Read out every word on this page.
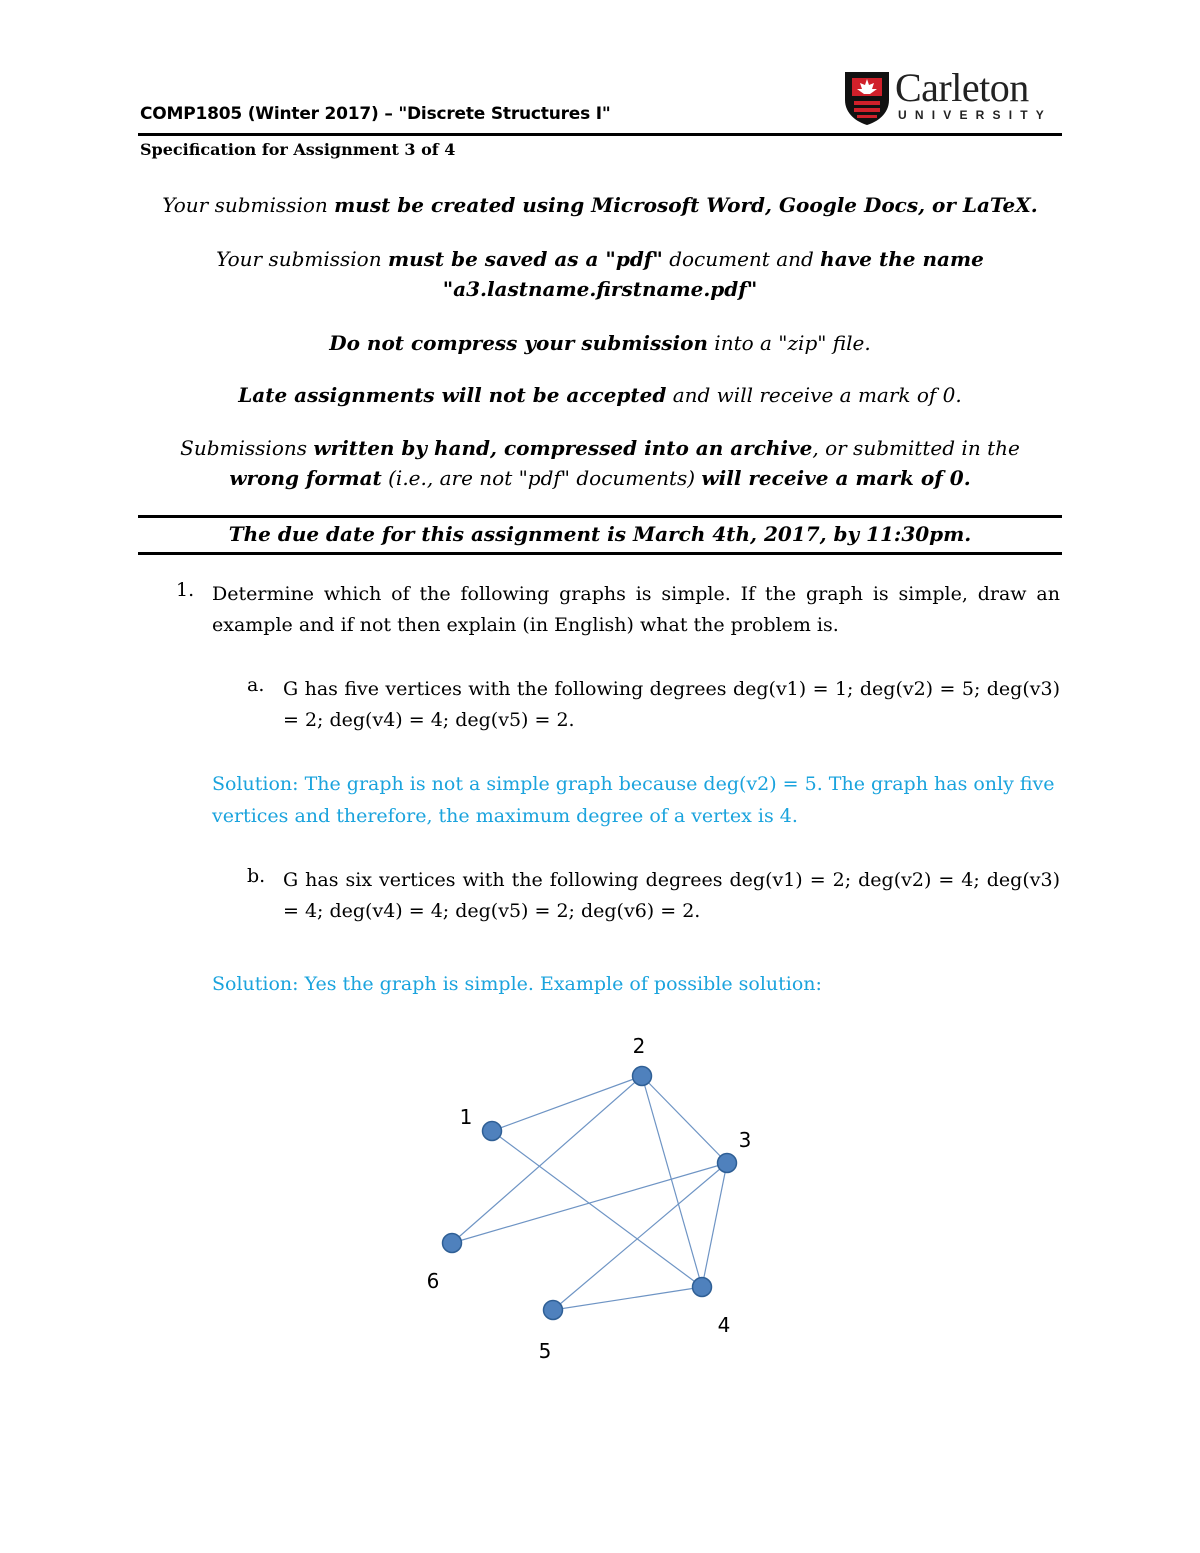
COMP1805 (Winter 2017) – "Discrete Structures I"
Specification for Assignment 3 of 4
Carleton
UNIVERSITY
Your submission must be created using Microsoft Word, Google Docs, or LaTeX.
Your submission must be saved as a "pdf" document and have the name
"a3.lastname.firstname.pdf"
Do not compress your submission into a "zip" file.
Late assignments will not be accepted and will receive a mark of 0.
Submissions written by hand, compressed into an archive, or submitted in the
wrong format (i.e., are not "pdf" documents) will receive a mark of 0.
The due date for this assignment is March 4th, 2017, by 11:30pm.
1. Determine which of the following graphs is simple. If the graph is simple, draw an example and if not then explain (in English) what the problem is.
a. G has five vertices with the following degrees deg(v1) = 1; deg(v2) = 5; deg(v3) = 2; deg(v4) = 4; deg(v5) = 2.
Solution: The graph is not a simple graph because deg(v2) = 5. The graph has only five vertices and therefore, the maximum degree of a vertex is 4.
b. G has six vertices with the following degrees deg(v1) = 2; deg(v2) = 4; deg(v3) = 4; deg(v4) = 4; deg(v5) = 2; deg(v6) = 2.
Solution: Yes the graph is simple. Example of possible solution:
1
2
3
4
5
6
